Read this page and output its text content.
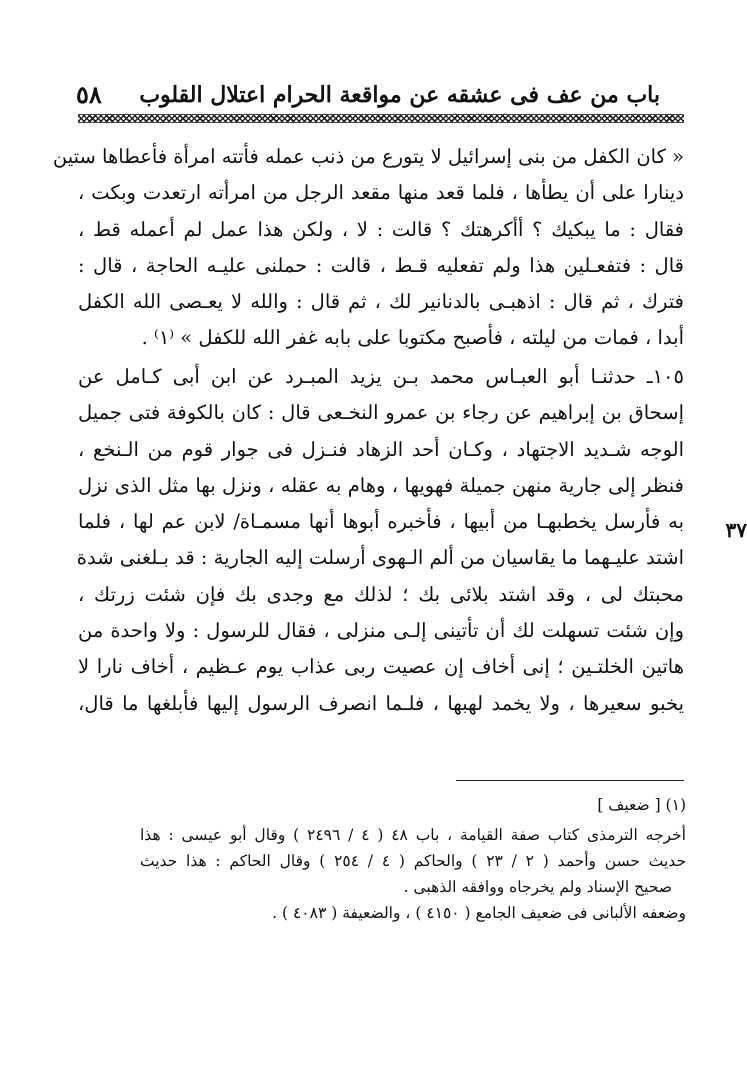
باب من عف فى عشقه عن مواقعة الحرام اعتلال القلوب
٥٨
« كان الكفل من بنى إسرائيل لا يتورع من ذنب عمله فأتته امرأة فأعطاها ستين
دينارا على أن يطأها ، فلما قعد منها مقعد الرجل من امرأته ارتعدت وبكت ،
فقال : ما يبكيك ؟ أأكرهتك ؟ قالت : لا ، ولكن هذا عمل لم أعمله قط ،
قال : فتفعـلين هذا ولم تفعليه قـط ، قالت : حملنى عليـه الحاجة ، قال :
فترك ، ثم قال : اذهبـى بالدنانير لك ، ثم قال : والله لا يعـصى الله الكفل
أبدا ، فمات من ليلته ، فأصبح مكتوبا على بابه غفر الله للكفل » ⁽١⁾ .
١٠٥ـ حدثنـا أبو العبـاس محمد بـن يزيد المبـرد عن ابن أبى كـامل عن
إسحاق بن إبراهيم عن رجاء بن عمرو النخـعى قال : كان بالكوفة فتى جميل
الوجه شـديد الاجتهاد ، وكـان أحد الزهاد فنـزل فى جوار قوم من الـنخع ،
فنظر إلى جارية منهن جميلة فهويها ، وهام به عقله ، ونزل بها مثل الذى نزل
به فأرسل يخطبهـا من أبيها ، فأخبره أبوها أنها مسمـاة/ لابن عم لها ، فلما
اشتد عليـهما ما يقاسيان من ألم الـهوى أرسلت إليه الجارية : قد بـلغنى شدة
محبتك لى ، وقد اشتد بلائى بك ؛ لذلك مع وجدى بك فإن شئت زرتك ،
وإن شئت تسهلت لك أن تأتينى إلـى منزلى ، فقال للرسول : ولا واحدة من
هاتين الخلتـين ؛ إنى أخاف إن عصيت ربى عذاب يوم عـظيم ، أخاف نارا لا
يخبو سعيرها ، ولا يخمد لهبها ، فلـما انصرف الرسول إليها فأبلغها ما قال،
٣٧
(١) [ ضعيف ]
أخرجه الترمذى كتاب صفة القيامة ، باب ٤٨ ( ٤ / ٢٤٩٦ ) وقال أبو عيسى : هذا
حديث حسن وأحمد ( ٢ / ٢٣ ) والحاكم ( ٤ / ٢٥٤ ) وقال الحاكم : هذا حديث
صحيح الإسناد ولم يخرجاه ووافقه الذهبى .
وضعفه الألبانى فى ضعيف الجامع ( ٤١٥٠ ) ، والضعيفة ( ٤٠٨٣ ) .
